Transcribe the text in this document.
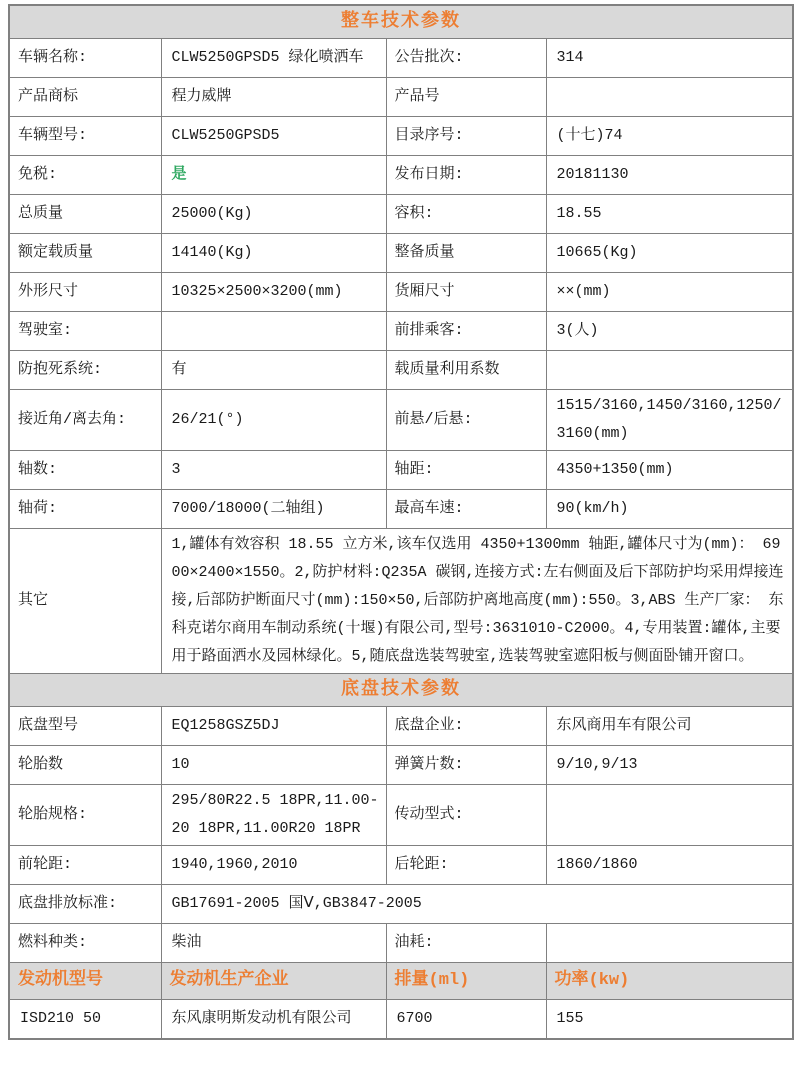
整车技术参数			
车辆名称:	CLW5250GPSD5 绿化喷洒车	公告批次:	314
产品商标	程力威牌	产品号	
车辆型号:	CLW5250GPSD5	目录序号:	(十七)74
免税:	是	发布日期:	20181130
总质量	25000(Kg)	容积:	18.55
额定载质量	14140(Kg)	整备质量	10665(Kg)
外形尺寸	10325×2500×3200(mm)	货厢尺寸	××(mm)
驾驶室:		前排乘客:	3(人)
防抱死系统:	有	载质量利用系数	
接近角/离去角:	26/21(°)	前悬/后悬:	1515/3160,1450/3160,1250/3160(mm)
轴数:	3	轴距:	4350+1350(mm)
轴荷:	7000/18000(二轴组)	最高车速:	90(km/h)
其它	1,罐体有效容积 18.55 立方米,该车仅选用 4350+1300mm 轴距,罐体尺寸为(mm)： 6900×2400×1550。2,防护材料:Q235A 碳钢,连接方式:左右侧面及后下部防护均采用焊接连接,后部防护断面尺寸(mm):150×50,后部防护离地高度(mm):550。3,ABS 生产厂家： 东科克诺尔商用车制动系统(十堰)有限公司,型号:3631010-C2000。4,专用装置:罐体,主要用于路面洒水及园林绿化。5,随底盘选装驾驶室,选装驾驶室遮阳板与侧面卧铺开窗口。		
底盘技术参数			
底盘型号	EQ1258GSZ5DJ	底盘企业:	东风商用车有限公司
轮胎数	10	弹簧片数:	9/10,9/13
轮胎规格:	295/80R22.5 18PR,11.00-20 18PR,11.00R20 18PR	传动型式:	
前轮距:	1940,1960,2010	后轮距:	1860/1860
底盘排放标准:	GB17691-2005 国Ⅴ,GB3847-2005		
燃料种类:	柴油	油耗:	
发动机型号	发动机生产企业	排量(ml)	功率(kw)
ISD210 50	东风康明斯发动机有限公司	6700	155
